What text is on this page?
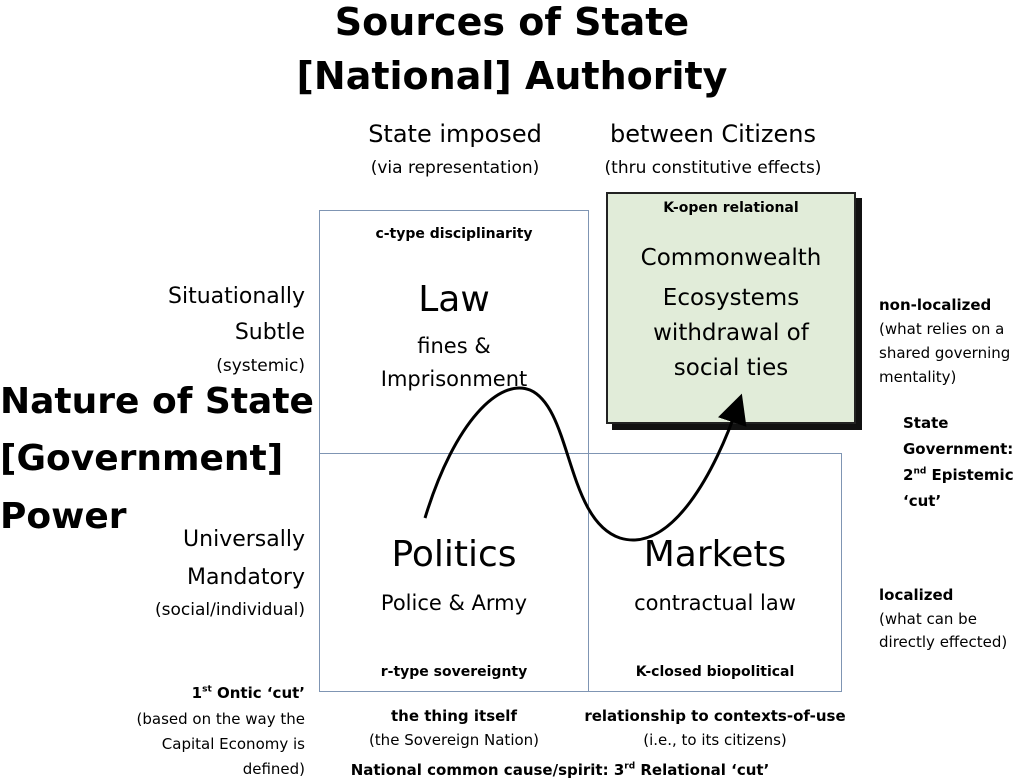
Sources of State
[National] Authority
State imposed
(via representation)
between Citizens
(thru constitutive effects)
c-type disciplinarity
Law
fines &
Imprisonment
K-open relational
Commonwealth
Ecosystems
withdrawal of
social ties
Politics
Police & Army
r-type sovereignty
Markets
contractual law
K-closed biopolitical
Situationally
Subtle
(systemic)
Universally
Mandatory
(social/individual)
Nature of State
[Government]
Power
non-localized
(what relies on a
shared governing
mentality)
State
Government:
2nd Epistemic
‘cut’
localized
(what can be
directly effected)
1st Ontic ‘cut’
(based on the way the
Capital Economy is
defined)
the thing itself
(the Sovereign Nation)
relationship to contexts-of-use
(i.e., to its citizens)
National common cause/spirit: 3rd Relational ‘cut’
